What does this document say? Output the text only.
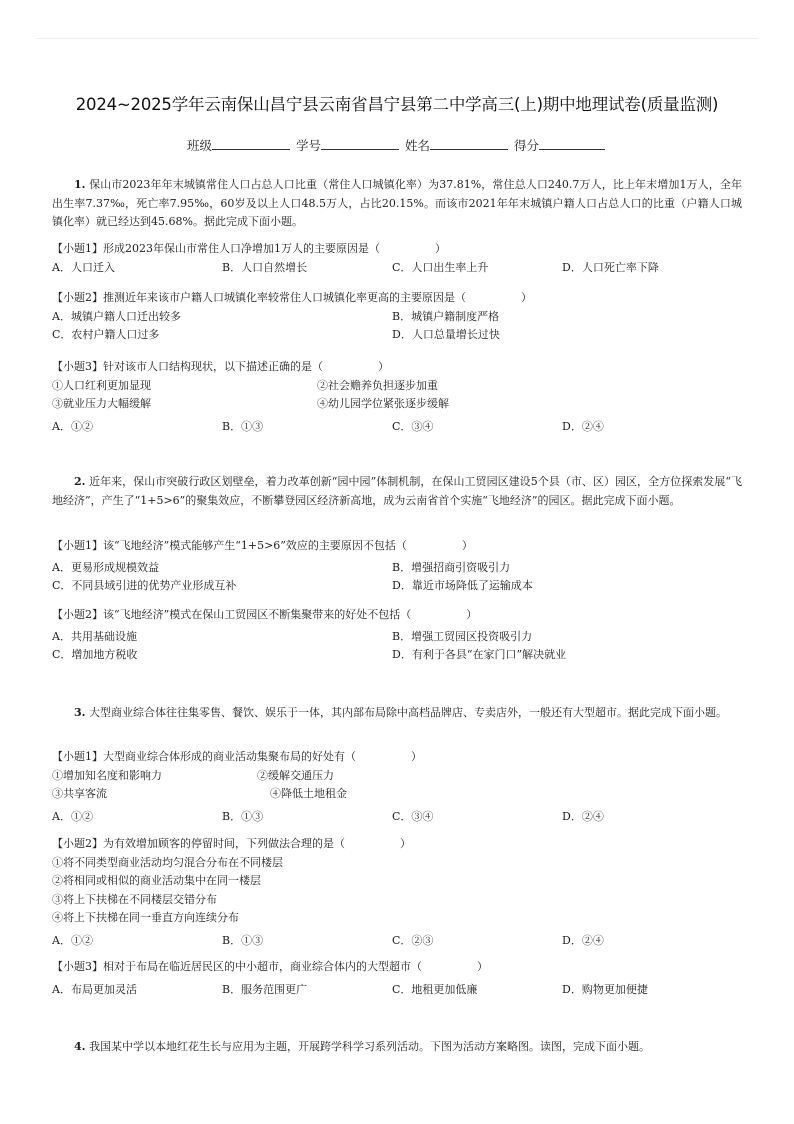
2024~2025学年云南保山昌宁县云南省昌宁县第二中学高三(上)期中地理试卷(质量监测)
班级	学号	姓名	得分
1. 保山市2023年年末城镇常住人口占总人口比重（常住人口城镇化率）为37.81%，常住总人口240.7万人，比上年末增加1万人，全年出生率7.37‰，死亡率7.95‰，60岁及以上人口48.5万人，占比20.15%。而该市2021年年末城镇户籍人口占总人口的比重（户籍人口城镇化率）就已经达到45.68%。据此完成下面小题。
【小题1】形成2023年保山市常住人口净增加1万人的主要原因是（　　　　　）
A．人口迁入	B．人口自然增长	C．人口出生率上升	D．人口死亡率下降
【小题2】推测近年来该市户籍人口城镇化率较常住人口城镇化率更高的主要原因是（　　　　　）
A．城镇户籍人口迁出较多	B．城镇户籍制度严格
C．农村户籍人口过多	D．人口总量增长过快
【小题3】针对该市人口结构现状，以下描述正确的是（　　　　　）
①人口红利更加显现	②社会赡养负担逐步加重
③就业压力大幅缓解	④幼儿园学位紧张逐步缓解
A．①②	B．①③	C．③④	D．②④
2. 近年来，保山市突破行政区划壁垒，着力改革创新“园中园”体制机制，在保山工贸园区建设5个县（市、区）园区，全方位探索发展“飞地经济”，产生了“1+5>6”的聚集效应，不断攀登园区经济新高地，成为云南省首个实施“飞地经济”的园区。据此完成下面小题。
【小题1】该“飞地经济”模式能够产生“1+5>6”效应的主要原因不包括（　　　　　）
A．更易形成规模效益	B．增强招商引资吸引力
C．不同县域引进的优势产业形成互补	D．靠近市场降低了运输成本
【小题2】该“飞地经济”模式在保山工贸园区不断集聚带来的好处不包括（　　　　　）
A．共用基础设施	B．增强工贸园区投资吸引力
C．增加地方税收	D．有利于各县“在家门口”解决就业
3. 大型商业综合体往往集零售、餐饮、娱乐于一体，其内部布局除中高档品牌店、专卖店外，一般还有大型超市。据此完成下面小题。
【小题1】大型商业综合体形成的商业活动集聚布局的好处有（　　　　　）
①增加知名度和影响力	②缓解交通压力
③共享客流	④降低土地租金
A．①②	B．①③	C．③④	D．②④
【小题2】为有效增加顾客的停留时间，下列做法合理的是（　　　　　）
①将不同类型商业活动均匀混合分布在不同楼层
②将相同或相似的商业活动集中在同一楼层
③将上下扶梯在不同楼层交错分布
④将上下扶梯在同一垂直方向连续分布
A．①②	B．①③	C．②③	D．②④
【小题3】相对于布局在临近居民区的中小超市，商业综合体内的大型超市（　　　　　）
A．布局更加灵活	B．服务范围更广	C．地租更加低廉	D．购物更加便捷
4. 我国某中学以本地红花生长与应用为主题，开展跨学科学习系列活动。下图为活动方案略图。读图，完成下面小题。
